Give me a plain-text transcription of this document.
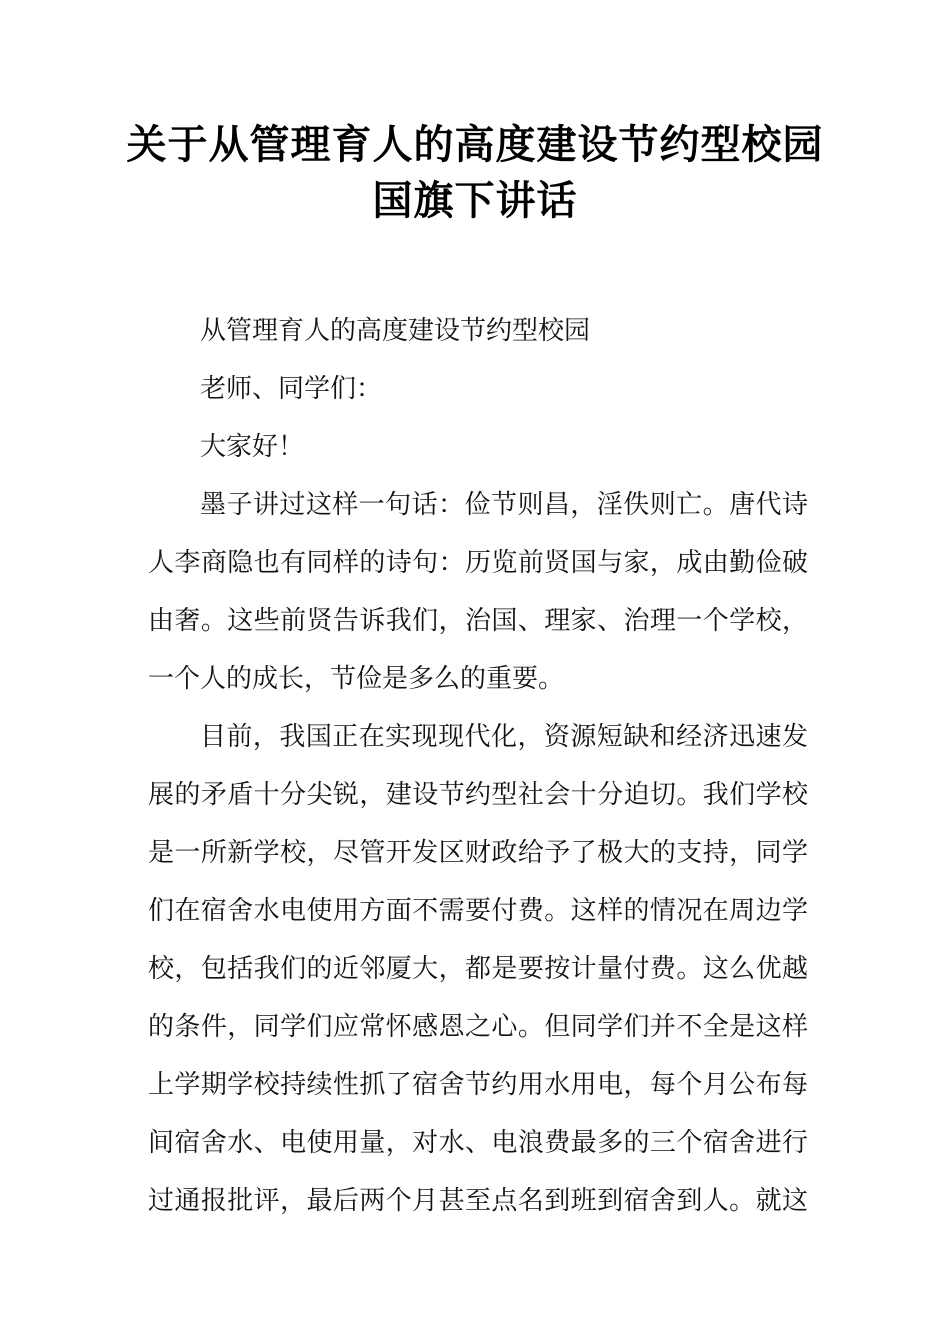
关于从管理育人的高度建设节约型校园
国旗下讲话
从管理育人的高度建设节约型校园
老师、同学们：
大家好！
墨子讲过这样一句话：俭节则昌，淫佚则亡。唐代诗
人李商隐也有同样的诗句：历览前贤国与家，成由勤俭破
由奢。这些前贤告诉我们，治国、理家、治理一个学校，
一个人的成长，节俭是多么的重要。
目前，我国正在实现现代化，资源短缺和经济迅速发
展的矛盾十分尖锐，建设节约型社会十分迫切。我们学校
是一所新学校，尽管开发区财政给予了极大的支持，同学
们在宿舍水电使用方面不需要付费。这样的情况在周边学
校，包括我们的近邻厦大，都是要按计量付费。这么优越
的条件，同学们应常怀感恩之心。但同学们并不全是这样
上学期学校持续性抓了宿舍节约用水用电，每个月公布每
间宿舍水、电使用量，对水、电浪费最多的三个宿舍进行
过通报批评，最后两个月甚至点名到班到宿舍到人。就这
